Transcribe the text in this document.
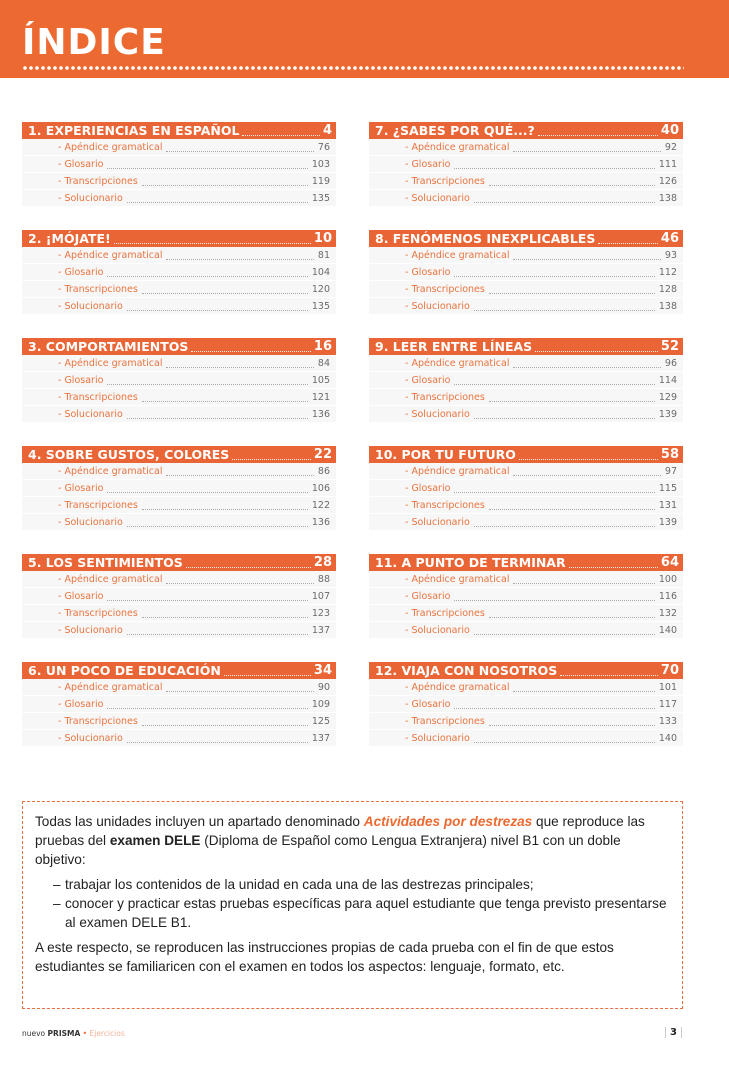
ÍNDICE
1. EXPERIENCIAS EN ESPAÑOL	4
- Apéndice gramatical	76
- Glosario	103
- Transcripciones	119
- Solucionario	135
2. ¡MÓJATE!	10
- Apéndice gramatical	81
- Glosario	104
- Transcripciones	120
- Solucionario	135
3. COMPORTAMIENTOS	16
- Apéndice gramatical	84
- Glosario	105
- Transcripciones	121
- Solucionario	136
4. SOBRE GUSTOS, COLORES	22
- Apéndice gramatical	86
- Glosario	106
- Transcripciones	122
- Solucionario	136
5. LOS SENTIMIENTOS	28
- Apéndice gramatical	88
- Glosario	107
- Transcripciones	123
- Solucionario	137
6. UN POCO DE EDUCACIÓN	34
- Apéndice gramatical	90
- Glosario	109
- Transcripciones	125
- Solucionario	137
7. ¿SABES POR QUÉ...?	40
- Apéndice gramatical	92
- Glosario	111
- Transcripciones	126
- Solucionario	138
8. FENÓMENOS INEXPLICABLES	46
- Apéndice gramatical	93
- Glosario	112
- Transcripciones	128
- Solucionario	138
9. LEER ENTRE LÍNEAS	52
- Apéndice gramatical	96
- Glosario	114
- Transcripciones	129
- Solucionario	139
10. POR TU FUTURO	58
- Apéndice gramatical	97
- Glosario	115
- Transcripciones	131
- Solucionario	139
11. A PUNTO DE TERMINAR	64
- Apéndice gramatical	100
- Glosario	116
- Transcripciones	132
- Solucionario	140
12. VIAJA CON NOSOTROS	70
- Apéndice gramatical	101
- Glosario	117
- Transcripciones	133
- Solucionario	140

Todas las unidades incluyen un apartado denominado Actividades por destrezas que reproduce las pruebas del examen DELE (Diploma de Español como Lengua Extranjera) nivel B1 con un doble objetivo:

– trabajar los contenidos de la unidad en cada una de las destrezas principales;
– conocer y practicar estas pruebas específicas para aquel estudiante que tenga previsto presentarse al examen DELE B1.

A este respecto, se reproducen las instrucciones propias de cada prueba con el fin de que estos estudiantes se familiaricen con el examen en todos los aspectos: lenguaje, formato, etc.

nuevo PRISMA • Ejercicios	3
